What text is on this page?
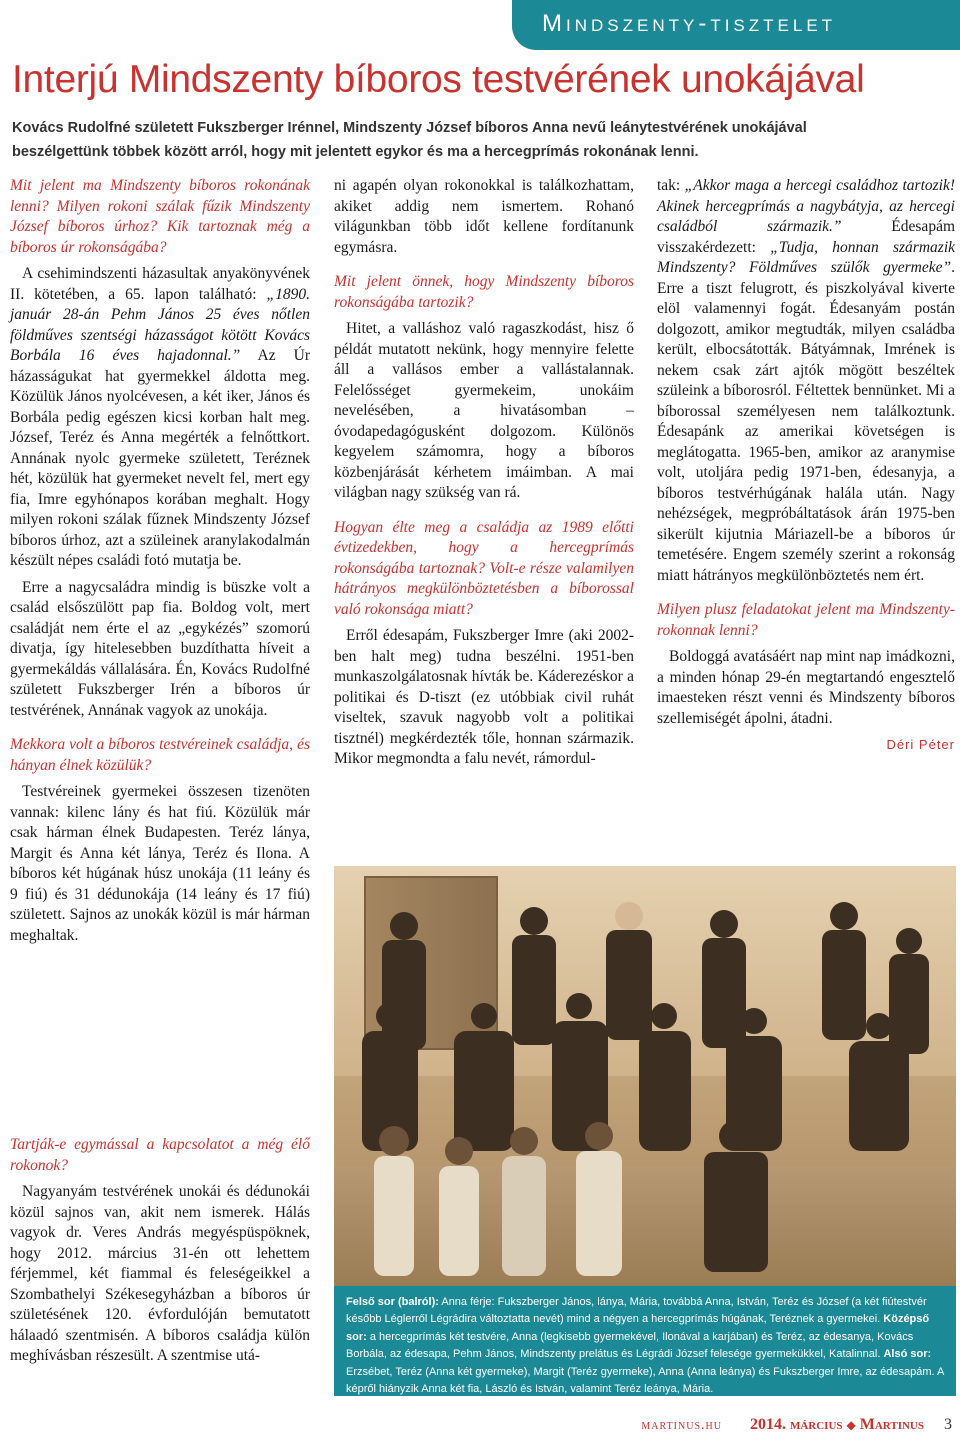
Mindszenty-tisztelet
Interjú Mindszenty bíboros testvérének unokájával
Kovács Rudolfné született Fukszberger Irénnel, Mindszenty József bíboros Anna nevű leánytestvérének unokájával
beszélgettünk többek között arról, hogy mit jelentett egykor és ma a hercegprímás rokonának lenni.

Mit jelent ma Mindszenty bíboros rokonának lenni? Milyen rokoni szálak fűzik Mindszenty József bíboros úrhoz? Kik tartoznak még a bíboros úr rokonságába?

A csehimindszenti házasultak anyakönyvének II. kötetében, a 65. lapon található: „1890. január 28-án Pehm János 25 éves nőtlen földműves szentségi házasságot kötött Kovács Borbála 16 éves hajadonnal.” Az Úr házasságukat hat gyermekkel áldotta meg. Közülük János nyolcévesen, a két iker, János és Borbála pedig egészen kicsi korban halt meg. József, Teréz és Anna megérték a felnőttkort. Annának nyolc gyermeke született, Teréznek hét, közülük hat gyermeket nevelt fel, mert egy fia, Imre egyhónapos korában meghalt. Hogy milyen rokoni szálak fűznek Mindszenty József bíboros úrhoz, azt a szüleinek aranylakodalmán készült népes családi fotó mutatja be.

Erre a nagycsaládra mindig is büszke volt a család elsőszülött pap fia. Boldog volt, mert családját nem érte el az „egykézés” szomorú divatja, így hitelesebben buzdíthatta híveit a gyermekáldás vállalására. Én, Kovács Rudolfné született Fukszberger Irén a bíboros úr testvérének, Annának vagyok az unokája.

Mekkora volt a bíboros testvéreinek családja, és hányan élnek közülük?

Testvéreinek gyermekei összesen tizenöten vannak: kilenc lány és hat fiú. Közülük már csak hárman élnek Budapesten. Teréz lánya, Margit és Anna két lánya, Teréz és Ilona. A bíboros két húgának húsz unokája (11 leány és 9 fiú) és 31 dédunokája (14 leány és 17 fiú) született. Sajnos az unokák közül is már hárman meghaltak.

Tartják-e egymással a kapcsolatot a még élő rokonok?

Nagyanyám testvérének unokái és dédunokái közül sajnos van, akit nem ismerek. Hálás vagyok dr. Veres András megyéspüspöknek, hogy 2012. március 31-én ott lehettem férjemmel, két fiammal és feleségeikkel a Szombathelyi Székesegyházban a bíboros úr születésének 120. évfordulóján bemutatott hálaadó szentmisén. A bíboros családja külön meghívásban részesült. A szentmise utá-

ni agapén olyan rokonokkal is találkozhattam, akiket addig nem ismertem. Rohanó világunkban több időt kellene fordítanunk egymásra.

Mit jelent önnek, hogy Mindszenty bíboros rokonságába tartozik?

Hitet, a valláshoz való ragaszkodást, hisz ő példát mutatott nekünk, hogy mennyire felette áll a vallásos ember a vallástalannak. Felelősséget gyermekeim, unokáim nevelésében, a hivatásomban – óvodapedagógusként dolgozom. Különös kegyelem számomra, hogy a bíboros közbenjárását kérhetem imáimban. A mai világban nagy szükség van rá.

Hogyan élte meg a családja az 1989 előtti évtizedekben, hogy a hercegprímás rokonságába tartoznak? Volt-e része valamilyen hátrányos megkülönböztetésben a bíborossal való rokonsága miatt?

Erről édesapám, Fukszberger Imre (aki 2002-ben halt meg) tudna beszélni. 1951-ben munkaszolgálatosnak hívták be. Káderezéskor a politikai és D-tiszt (ez utóbbiak civil ruhát viseltek, szavuk nagyobb volt a politikai tisztnél) megkérdezték tőle, honnan származik. Mikor megmondta a falu nevét, rámordul-

tak: „Akkor maga a hercegi családhoz tartozik! Akinek hercegprímás a nagybátyja, az hercegi családból származik.” Édesapám visszakérdezett: „Tudja, honnan származik Mindszenty? Földműves szülők gyermeke”. Erre a tiszt felugrott, és piszkolyával kiverte elöl valamennyi fogát. Édesanyám postán dolgozott, amikor megtudták, milyen családba került, elbocsátották. Bátyámnak, Imrének is nekem csak zárt ajtók mögött beszéltek szüleink a bíborosról. Féltettek bennünket. Mi a bíborossal személyesen nem találkoztunk. Édesapánk az amerikai követségen is meglátogatta. 1965-ben, amikor az aranymise volt, utoljára pedig 1971-ben, édesanyja, a bíboros testvérhúgának halála után. Nagy nehézségek, megpróbáltatások árán 1975-ben sikerült kijutnia Máriazell-be a bíboros úr temetésére. Engem személy szerint a rokonság miatt hátrányos megkülönböztetés nem ért.

Milyen plusz feladatokat jelent ma Mindszenty-rokonnak lenni?

Boldoggá avatásáért nap mint nap imádkozni, a minden hónap 29-én megtartandó engesztelő imaesteken részt venni és Mindszenty bíboros szellemiségét ápolni, átadni.

Déri Péter
Felső sor (balról): Anna férje: Fukszberger János, lánya, Mária, továbbá Anna, István, Teréz és József (a két fiútestvér később Léglerről Légrádira változtatta nevét) mind a négyen a hercegprímás húgának, Teréznek a gyermekei. Középső sor: a hercegprímás két testvére, Anna (legkisebb gyermekével, Ilonával a karjában) és Teréz, az édesanya, Kovács Borbála, az édesapa, Pehm János, Mindszenty prelátus és Légrádi József felesége gyermekükkel, Katalinnal. Alsó sor: Erzsébet, Teréz (Anna két gyermeke), Margit (Teréz gyermeke), Anna (Anna leánya) és Fukszberger Imre, az édesapám. A képről hiányzik Anna két fia, László és István, valamint Teréz leánya, Mária.
martinus.hu 2014. március ◆ Martinus 3
